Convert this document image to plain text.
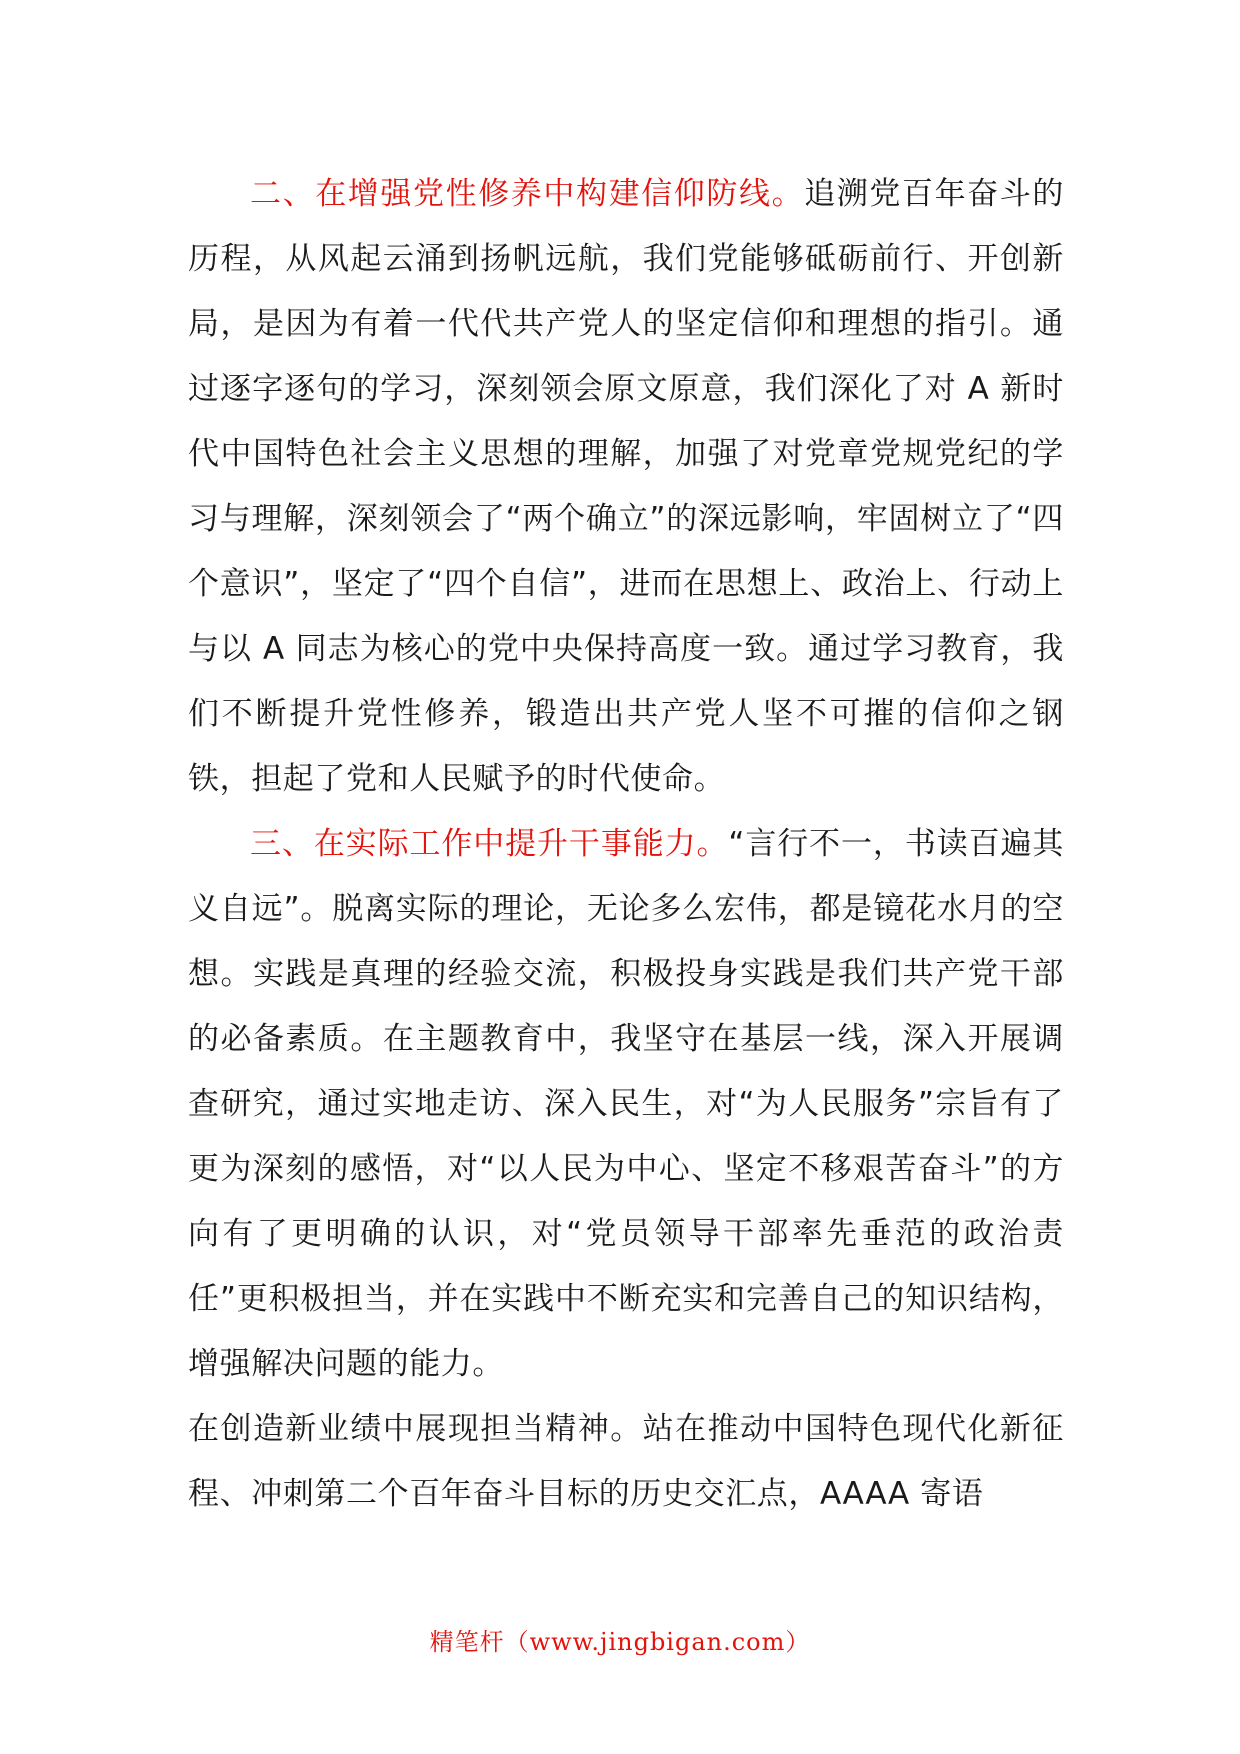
二、在增强党性修养中构建信仰防线。追溯党百年奋斗的历程，从风起云涌到扬帆远航，我们党能够砥砺前行、开创新局，是因为有着一代代共产党人的坚定信仰和理想的指引。通过逐字逐句的学习，深刻领会原文原意，我们深化了对 A 新时代中国特色社会主义思想的理解，加强了对党章党规党纪的学习与理解，深刻领会了“两个确立”的深远影响，牢固树立了“四个意识”，坚定了“四个自信”，进而在思想上、政治上、行动上与以 A 同志为核心的党中央保持高度一致。通过学习教育，我们不断提升党性修养，锻造出共产党人坚不可摧的信仰之钢铁，担起了党和人民赋予的时代使命。

三、在实际工作中提升干事能力。“言行不一，书读百遍其义自远”。脱离实际的理论，无论多么宏伟，都是镜花水月的空想。实践是真理的经验交流，积极投身实践是我们共产党干部的必备素质。在主题教育中，我坚守在基层一线，深入开展调查研究，通过实地走访、深入民生，对“为人民服务”宗旨有了更为深刻的感悟，对“以人民为中心、坚定不移艰苦奋斗”的方向有了更明确的认识，对“党员领导干部率先垂范的政治责任”更积极担当，并在实践中不断充实和完善自己的知识结构，增强解决问题的能力。

在创造新业绩中展现担当精神。站在推动中国特色现代化新征程、冲刺第二个百年奋斗目标的历史交汇点，AAAA 寄语

精笔杆（www.jingbigan.com）
